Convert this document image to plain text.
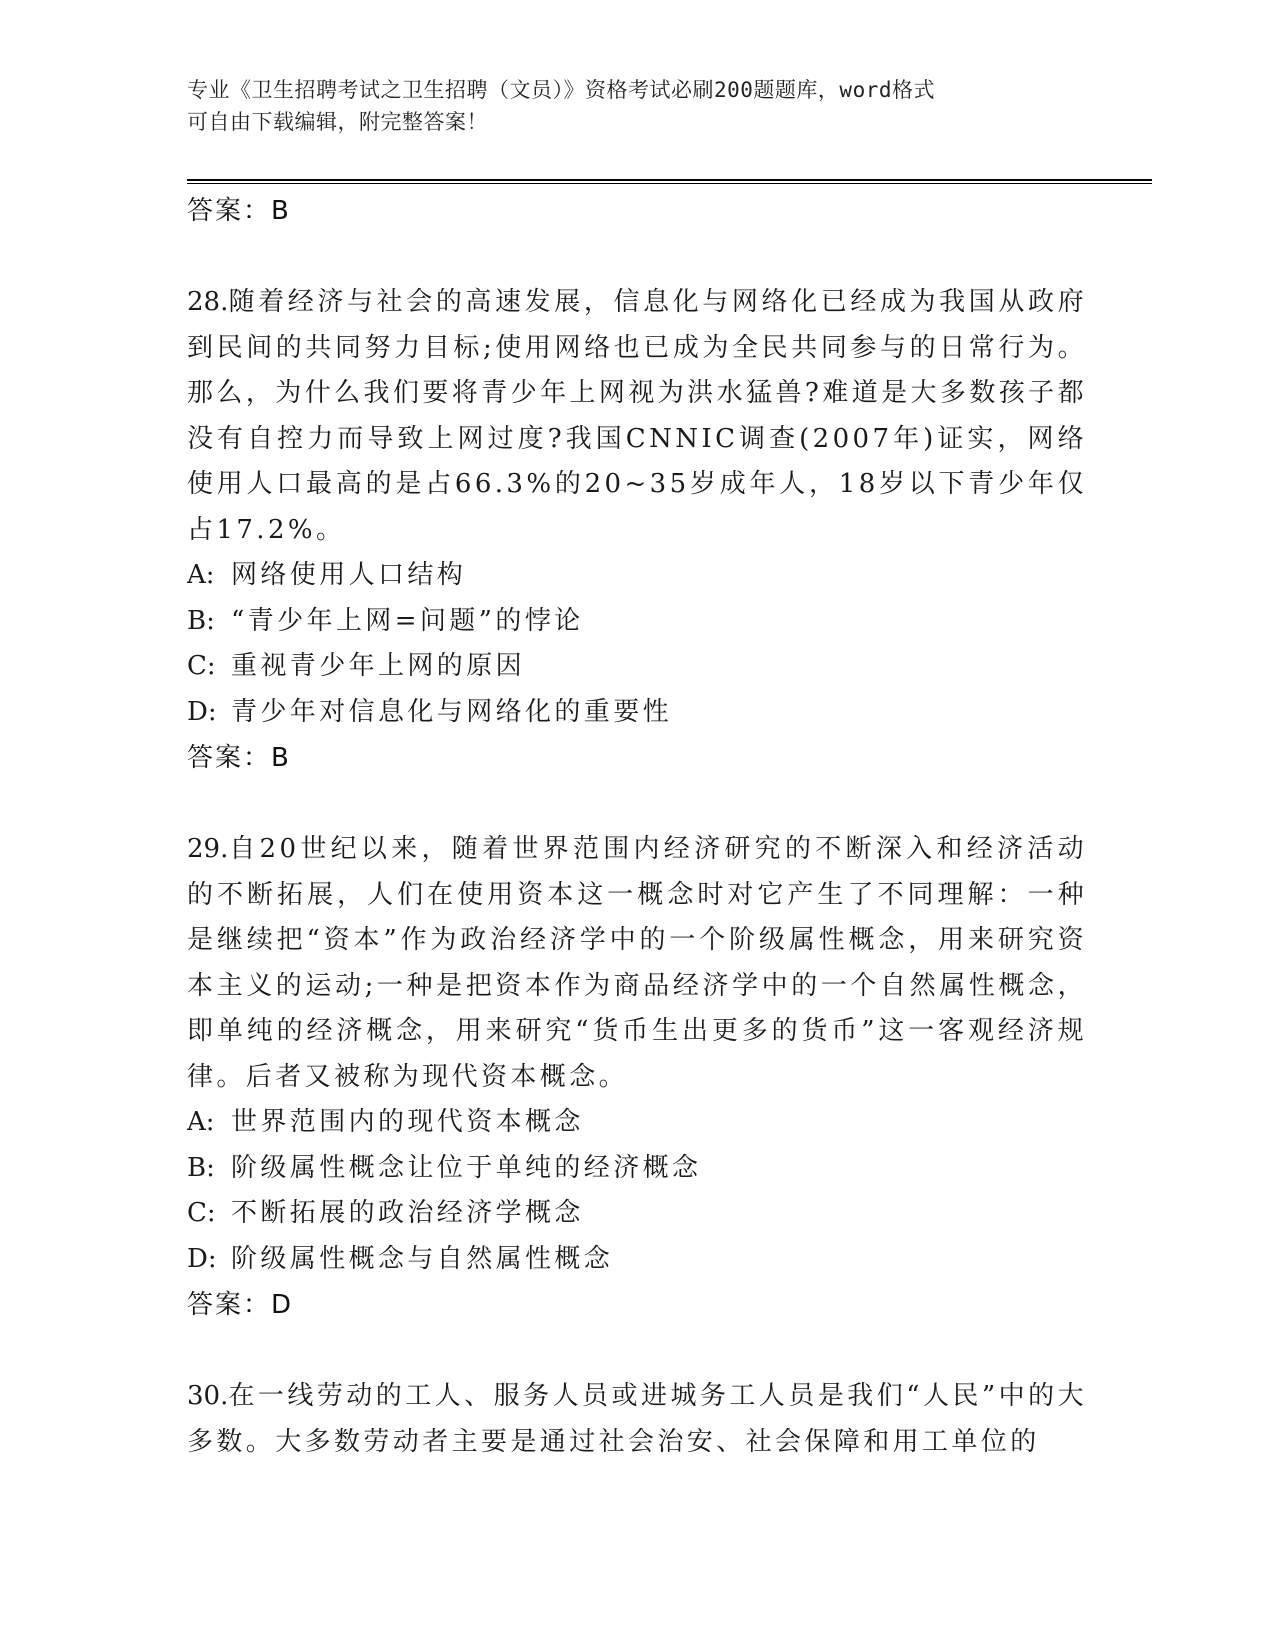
专业《卫生招聘考试之卫生招聘（文员）》资格考试必刷200题题库，word格式
可自由下载编辑，附完整答案！
答案：B
28.随着经济与社会的高速发展，信息化与网络化已经成为我国从政府到民间的共同努力目标;使用网络也已成为全民共同参与的日常行为。那么，为什么我们要将青少年上网视为洪水猛兽?难道是大多数孩子都没有自控力而导致上网过度?我国CNNIC调查(2007年)证实，网络使用人口最高的是占66.3%的20~35岁成年人，18岁以下青少年仅占17.2%。
A: 网络使用人口结构
B: “青少年上网=问题”的悖论
C: 重视青少年上网的原因
D: 青少年对信息化与网络化的重要性
答案：B
29.自20世纪以来，随着世界范围内经济研究的不断深入和经济活动的不断拓展，人们在使用资本这一概念时对它产生了不同理解：一种是继续把“资本”作为政治经济学中的一个阶级属性概念，用来研究资本主义的运动;一种是把资本作为商品经济学中的一个自然属性概念，即单纯的经济概念，用来研究“货币生出更多的货币”这一客观经济规律。后者又被称为现代资本概念。
A: 世界范围内的现代资本概念
B: 阶级属性概念让位于单纯的经济概念
C: 不断拓展的政治经济学概念
D: 阶级属性概念与自然属性概念
答案：D
30.在一线劳动的工人、服务人员或进城务工人员是我们“人民”中的大多数。大多数劳动者主要是通过社会治安、社会保障和用工单位的
